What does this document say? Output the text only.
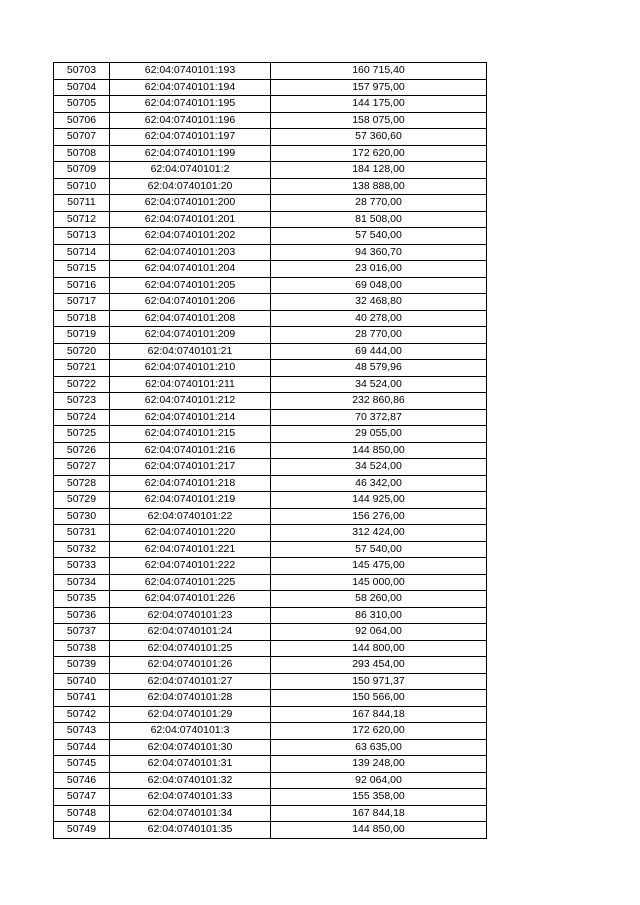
50703	62:04:0740101:193	160 715,40
50704	62:04:0740101:194	157 975,00
50705	62:04:0740101:195	144 175,00
50706	62:04:0740101:196	158 075,00
50707	62:04:0740101:197	57 360,60
50708	62:04:0740101:199	172 620,00
50709	62:04:0740101:2	184 128,00
50710	62:04:0740101:20	138 888,00
50711	62:04:0740101:200	28 770,00
50712	62:04:0740101:201	81 508,00
50713	62:04:0740101:202	57 540,00
50714	62:04:0740101:203	94 360,70
50715	62:04:0740101:204	23 016,00
50716	62:04:0740101:205	69 048,00
50717	62:04:0740101:206	32 468,80
50718	62:04:0740101:208	40 278,00
50719	62:04:0740101:209	28 770,00
50720	62:04:0740101:21	69 444,00
50721	62:04:0740101:210	48 579,96
50722	62:04:0740101:211	34 524,00
50723	62:04:0740101:212	232 860,86
50724	62:04:0740101:214	70 372,87
50725	62:04:0740101:215	29 055,00
50726	62:04:0740101:216	144 850,00
50727	62:04:0740101:217	34 524,00
50728	62:04:0740101:218	46 342,00
50729	62:04:0740101:219	144 925,00
50730	62:04:0740101:22	156 276,00
50731	62:04:0740101:220	312 424,00
50732	62:04:0740101:221	57 540,00
50733	62:04:0740101:222	145 475,00
50734	62:04:0740101:225	145 000,00
50735	62:04:0740101:226	58 260,00
50736	62:04:0740101:23	86 310,00
50737	62:04:0740101:24	92 064,00
50738	62:04:0740101:25	144 800,00
50739	62:04:0740101:26	293 454,00
50740	62:04:0740101:27	150 971,37
50741	62:04:0740101:28	150 566,00
50742	62:04:0740101:29	167 844,18
50743	62:04:0740101:3	172 620,00
50744	62:04:0740101:30	63 635,00
50745	62:04:0740101:31	139 248,00
50746	62:04:0740101:32	92 064,00
50747	62:04:0740101:33	155 358,00
50748	62:04:0740101:34	167 844,18
50749	62:04:0740101:35	144 850,00
